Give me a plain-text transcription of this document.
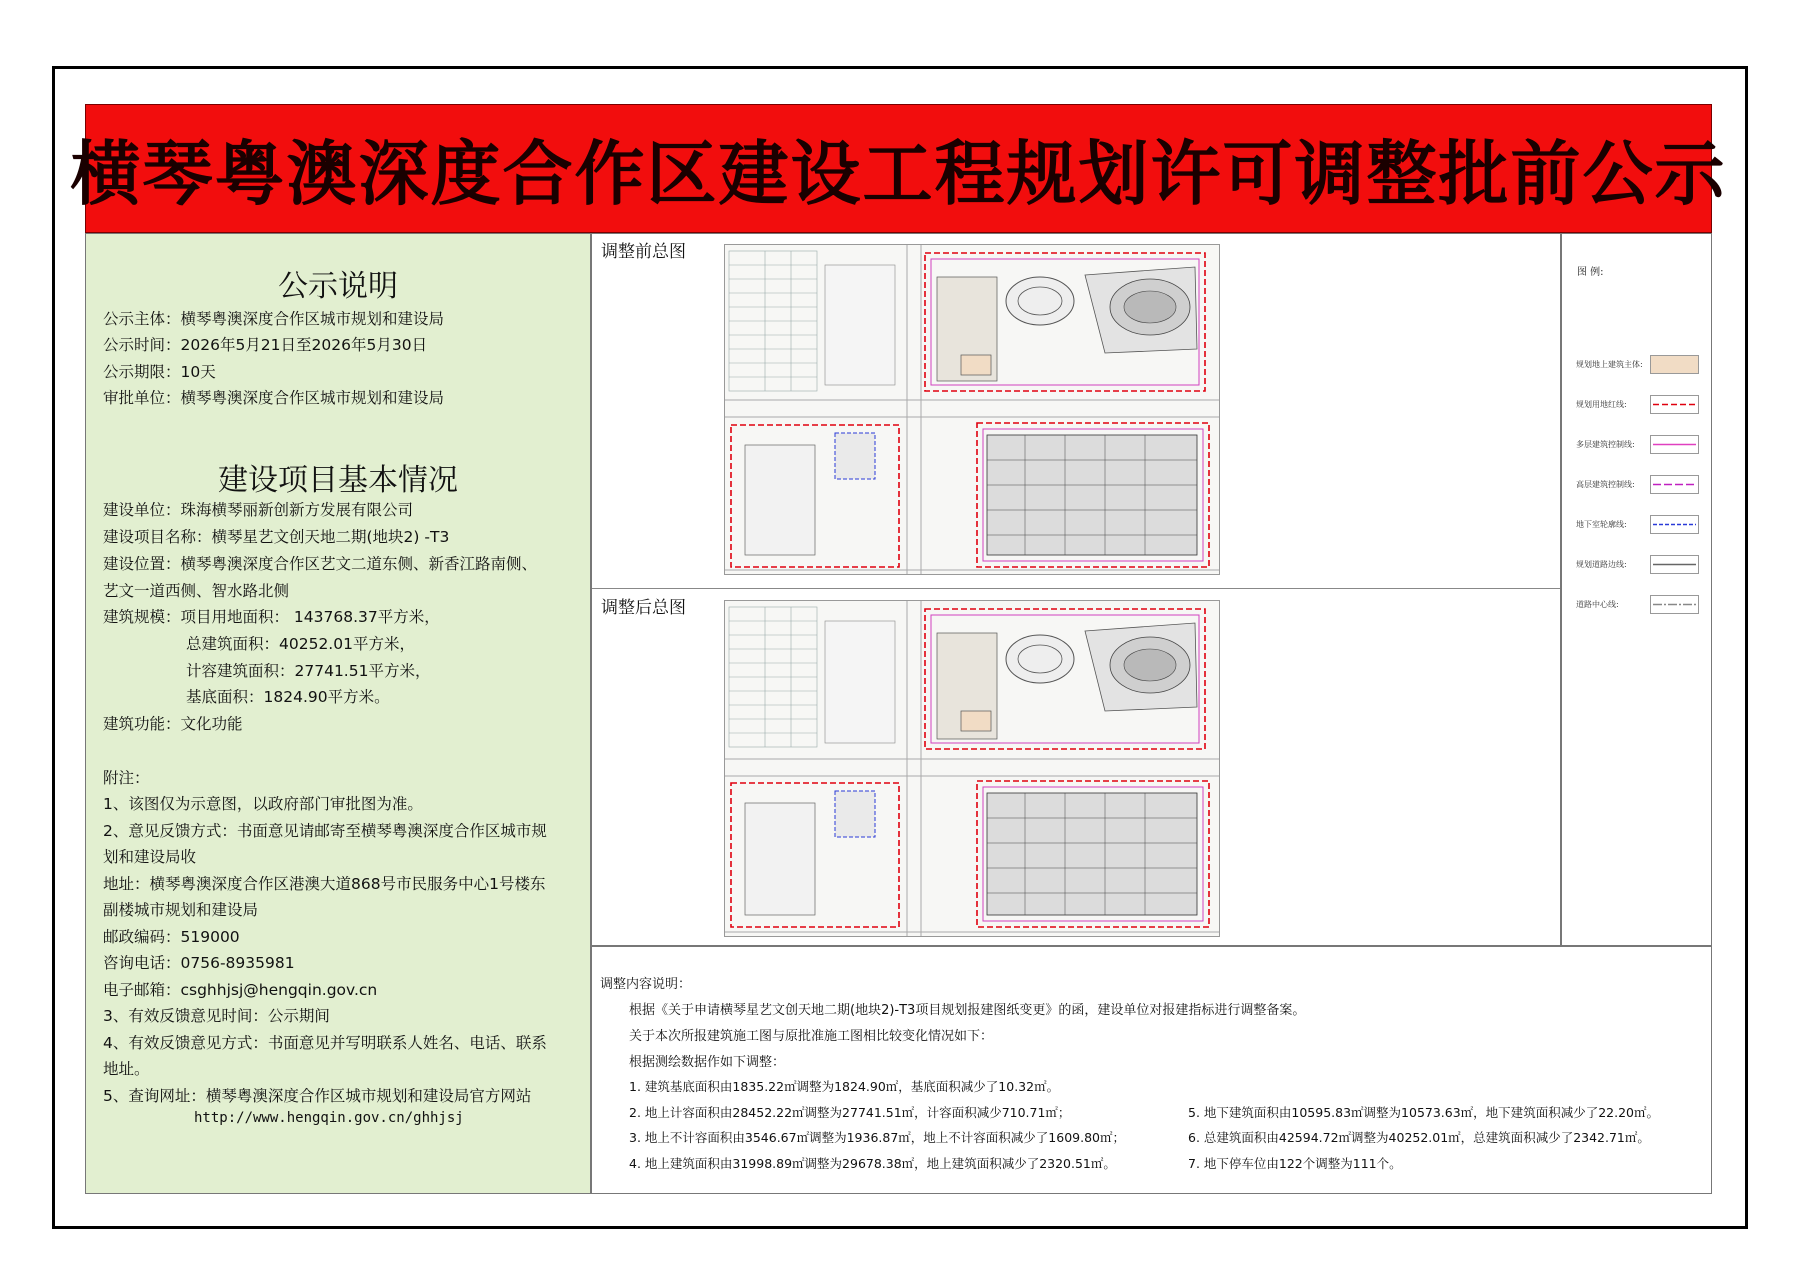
横琴粤澳深度合作区建设工程规划许可调整批前公示
公示说明
公示主体：横琴粤澳深度合作区城市规划和建设局
公示时间：2026年5月21日至2026年5月30日
公示期限：10天
审批单位：横琴粤澳深度合作区城市规划和建设局
建设项目基本情况
建设单位：珠海横琴丽新创新方发展有限公司
建设项目名称：横琴星艺文创天地二期(地块2) -T3
建设位置：横琴粤澳深度合作区艺文二道东侧、新香江路南侧、
艺文一道西侧、智水路北侧
建筑规模：项目用地面积： 143768.37平方米，
总建筑面积：40252.01平方米，
计容建筑面积：27741.51平方米，
基底面积：1824.90平方米。
建筑功能：文化功能
附注：
1、该图仅为示意图，以政府部门审批图为准。
2、意见反馈方式：书面意见请邮寄至横琴粤澳深度合作区城市规
划和建设局收
地址：横琴粤澳深度合作区港澳大道868号市民服务中心1号楼东
副楼城市规划和建设局
邮政编码：519000
咨询电话：0756-8935981
电子邮箱：csghhjsj@hengqin.gov.cn
3、有效反馈意见时间：公示期间
4、有效反馈意见方式：书面意见并写明联系人姓名、电话、联系
地址。
5、查询网址：横琴粤澳深度合作区城市规划和建设局官方网站
http://www.hengqin.gov.cn/ghhjsj
调整前总图
调整后总图
图 例:
规划地上建筑主体:
规划用地红线:
多层建筑控制线:
高层建筑控制线:
地下室轮廓线:
规划道路边线:
道路中心线:
调整内容说明：
根据《关于申请横琴星艺文创天地二期(地块2)-T3项目规划报建图纸变更》的函，建设单位对报建指标进行调整备案。
关于本次所报建筑施工图与原批准施工图相比较变化情况如下：
根据测绘数据作如下调整：
1. 建筑基底面积由1835.22㎡调整为1824.90㎡，基底面积减少了10.32㎡。
2. 地上计容面积由28452.22㎡调整为27741.51㎡，计容面积减少710.71㎡；
3. 地上不计容面积由3546.67㎡调整为1936.87㎡，地上不计容面积减少了1609.80㎡；
4. 地上建筑面积由31998.89㎡调整为29678.38㎡，地上建筑面积减少了2320.51㎡。
5. 地下建筑面积由10595.83㎡调整为10573.63㎡，地下建筑面积减少了22.20㎡。
6. 总建筑面积由42594.72㎡调整为40252.01㎡，总建筑面积减少了2342.71㎡。
7. 地下停车位由122个调整为111个。
